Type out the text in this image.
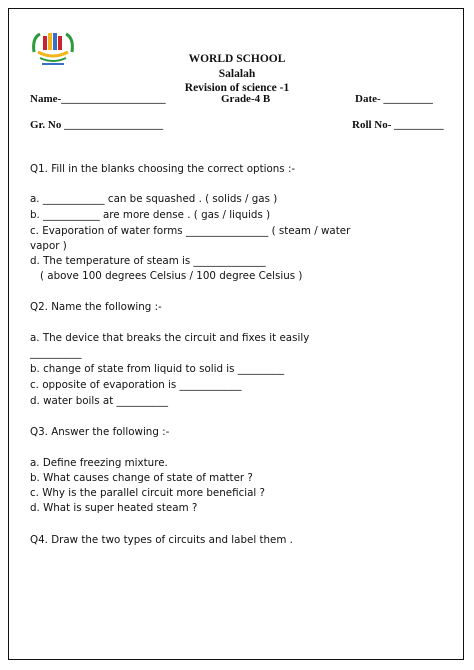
WORLD SCHOOL
Salalah
Revision of science -1
Name-___________________	Grade-4 B	Date- _________
Gr. No __________________	Roll No- _________
Q1. Fill in the blanks choosing the correct options :-
a. ____________ can be squashed . ( solids / gas )
b. ___________ are more dense . ( gas / liquids )
c. Evaporation of water forms ________________ ( steam / water
vapor )
d. The temperature of steam is ______________
( above 100 degrees Celsius / 100 degree Celsius )
Q2. Name the following :-
a. The device that breaks the circuit and fixes it easily
__________
b. change of state from liquid to solid is _________
c. opposite of evaporation is ____________
d. water boils at __________
Q3. Answer the following :-
a. Define freezing mixture.
b. What causes change of state of matter ?
c. Why is the parallel circuit more beneficial ?
d. What is super heated steam ?
Q4. Draw the two types of circuits and label them .
